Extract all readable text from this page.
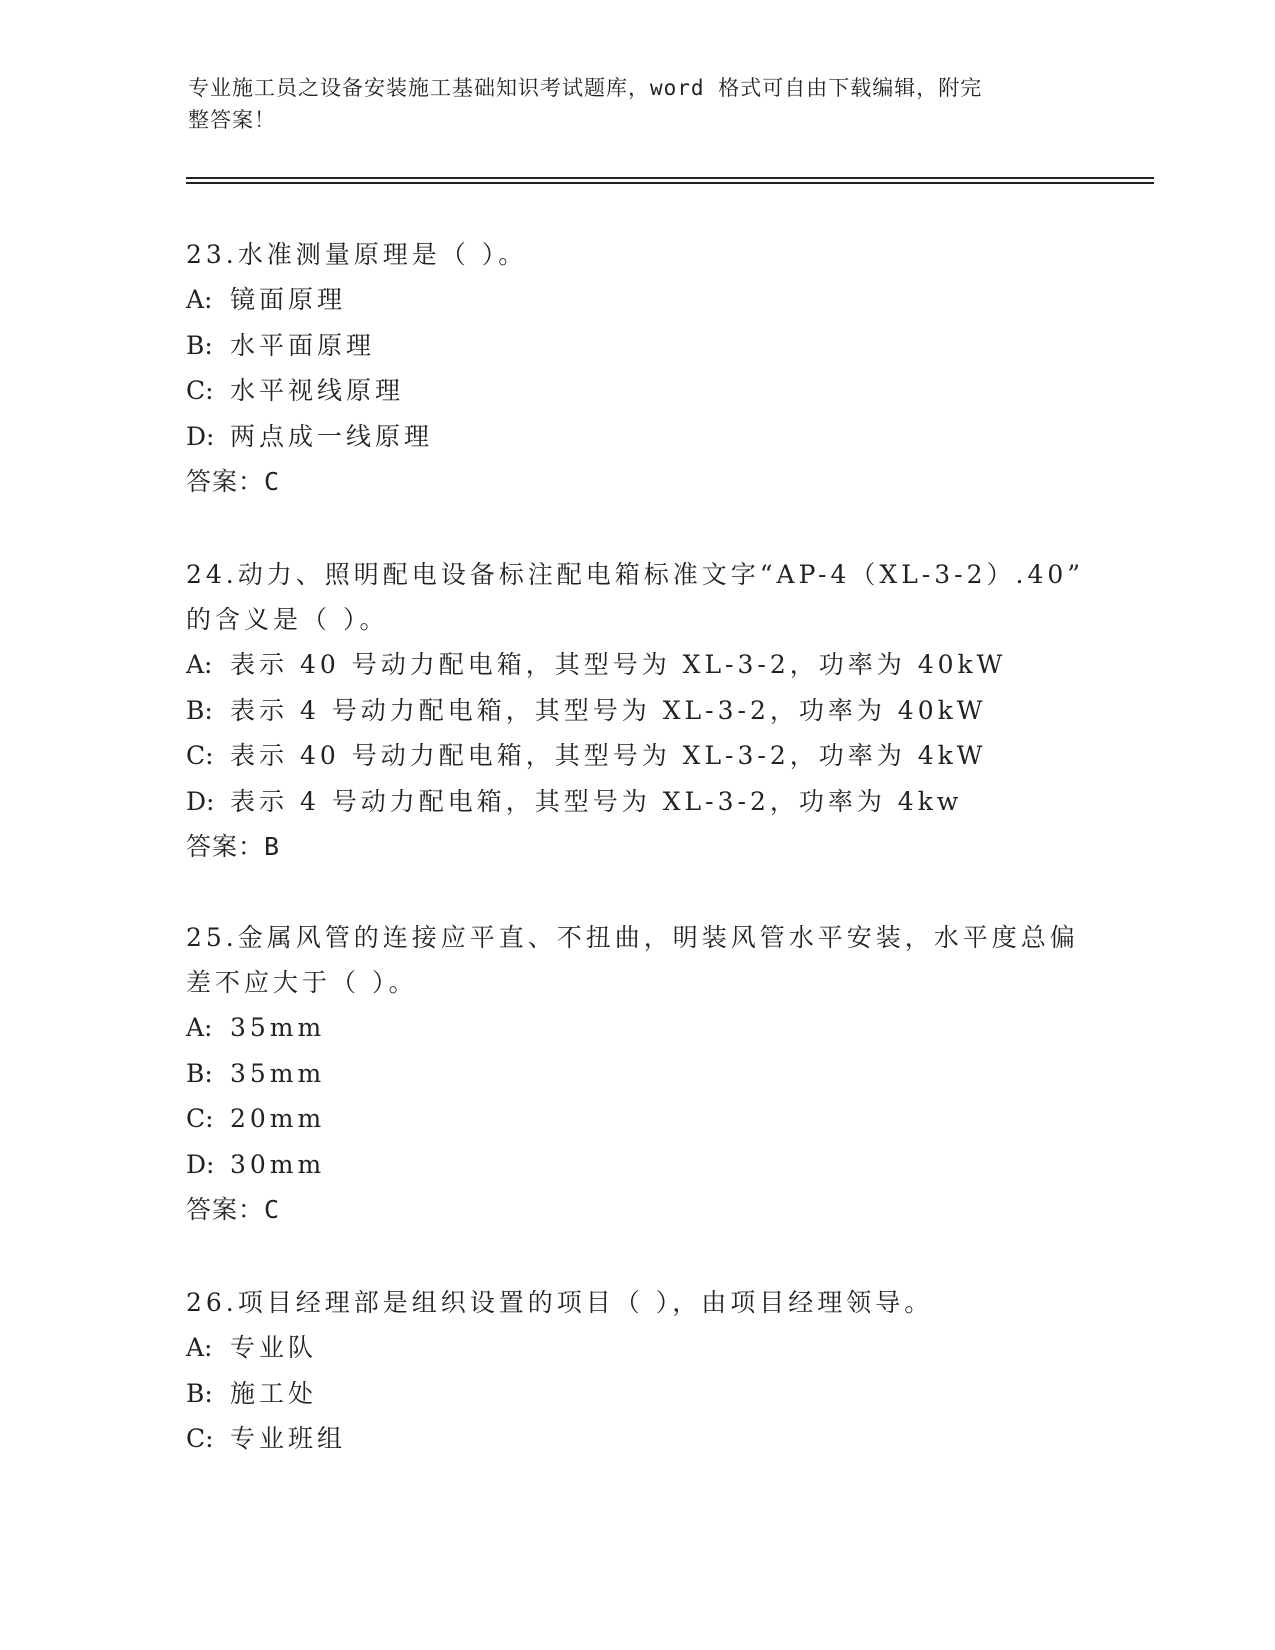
专业施工员之设备安装施工基础知识考试题库，word 格式可自由下载编辑，附完
整答案！
23.水准测量原理是（ ）。
A: 镜面原理
B: 水平面原理
C: 水平视线原理
D: 两点成一线原理
答案：C
24.动力、照明配电设备标注配电箱标准文字“AP-4（XL-3-2）.40”
的含义是（ ）。
A: 表示 40 号动力配电箱，其型号为 XL-3-2，功率为 40kW
B: 表示 4 号动力配电箱，其型号为 XL-3-2，功率为 40kW
C: 表示 40 号动力配电箱，其型号为 XL-3-2，功率为 4kW
D: 表示 4 号动力配电箱，其型号为 XL-3-2，功率为 4kw
答案：B
25.金属风管的连接应平直、不扭曲，明装风管水平安装，水平度总偏
差不应大于（ ）。
A: 35mm
B: 35mm
C: 20mm
D: 30mm
答案：C
26.项目经理部是组织设置的项目（ ），由项目经理领导。
A: 专业队
B: 施工处
C: 专业班组
